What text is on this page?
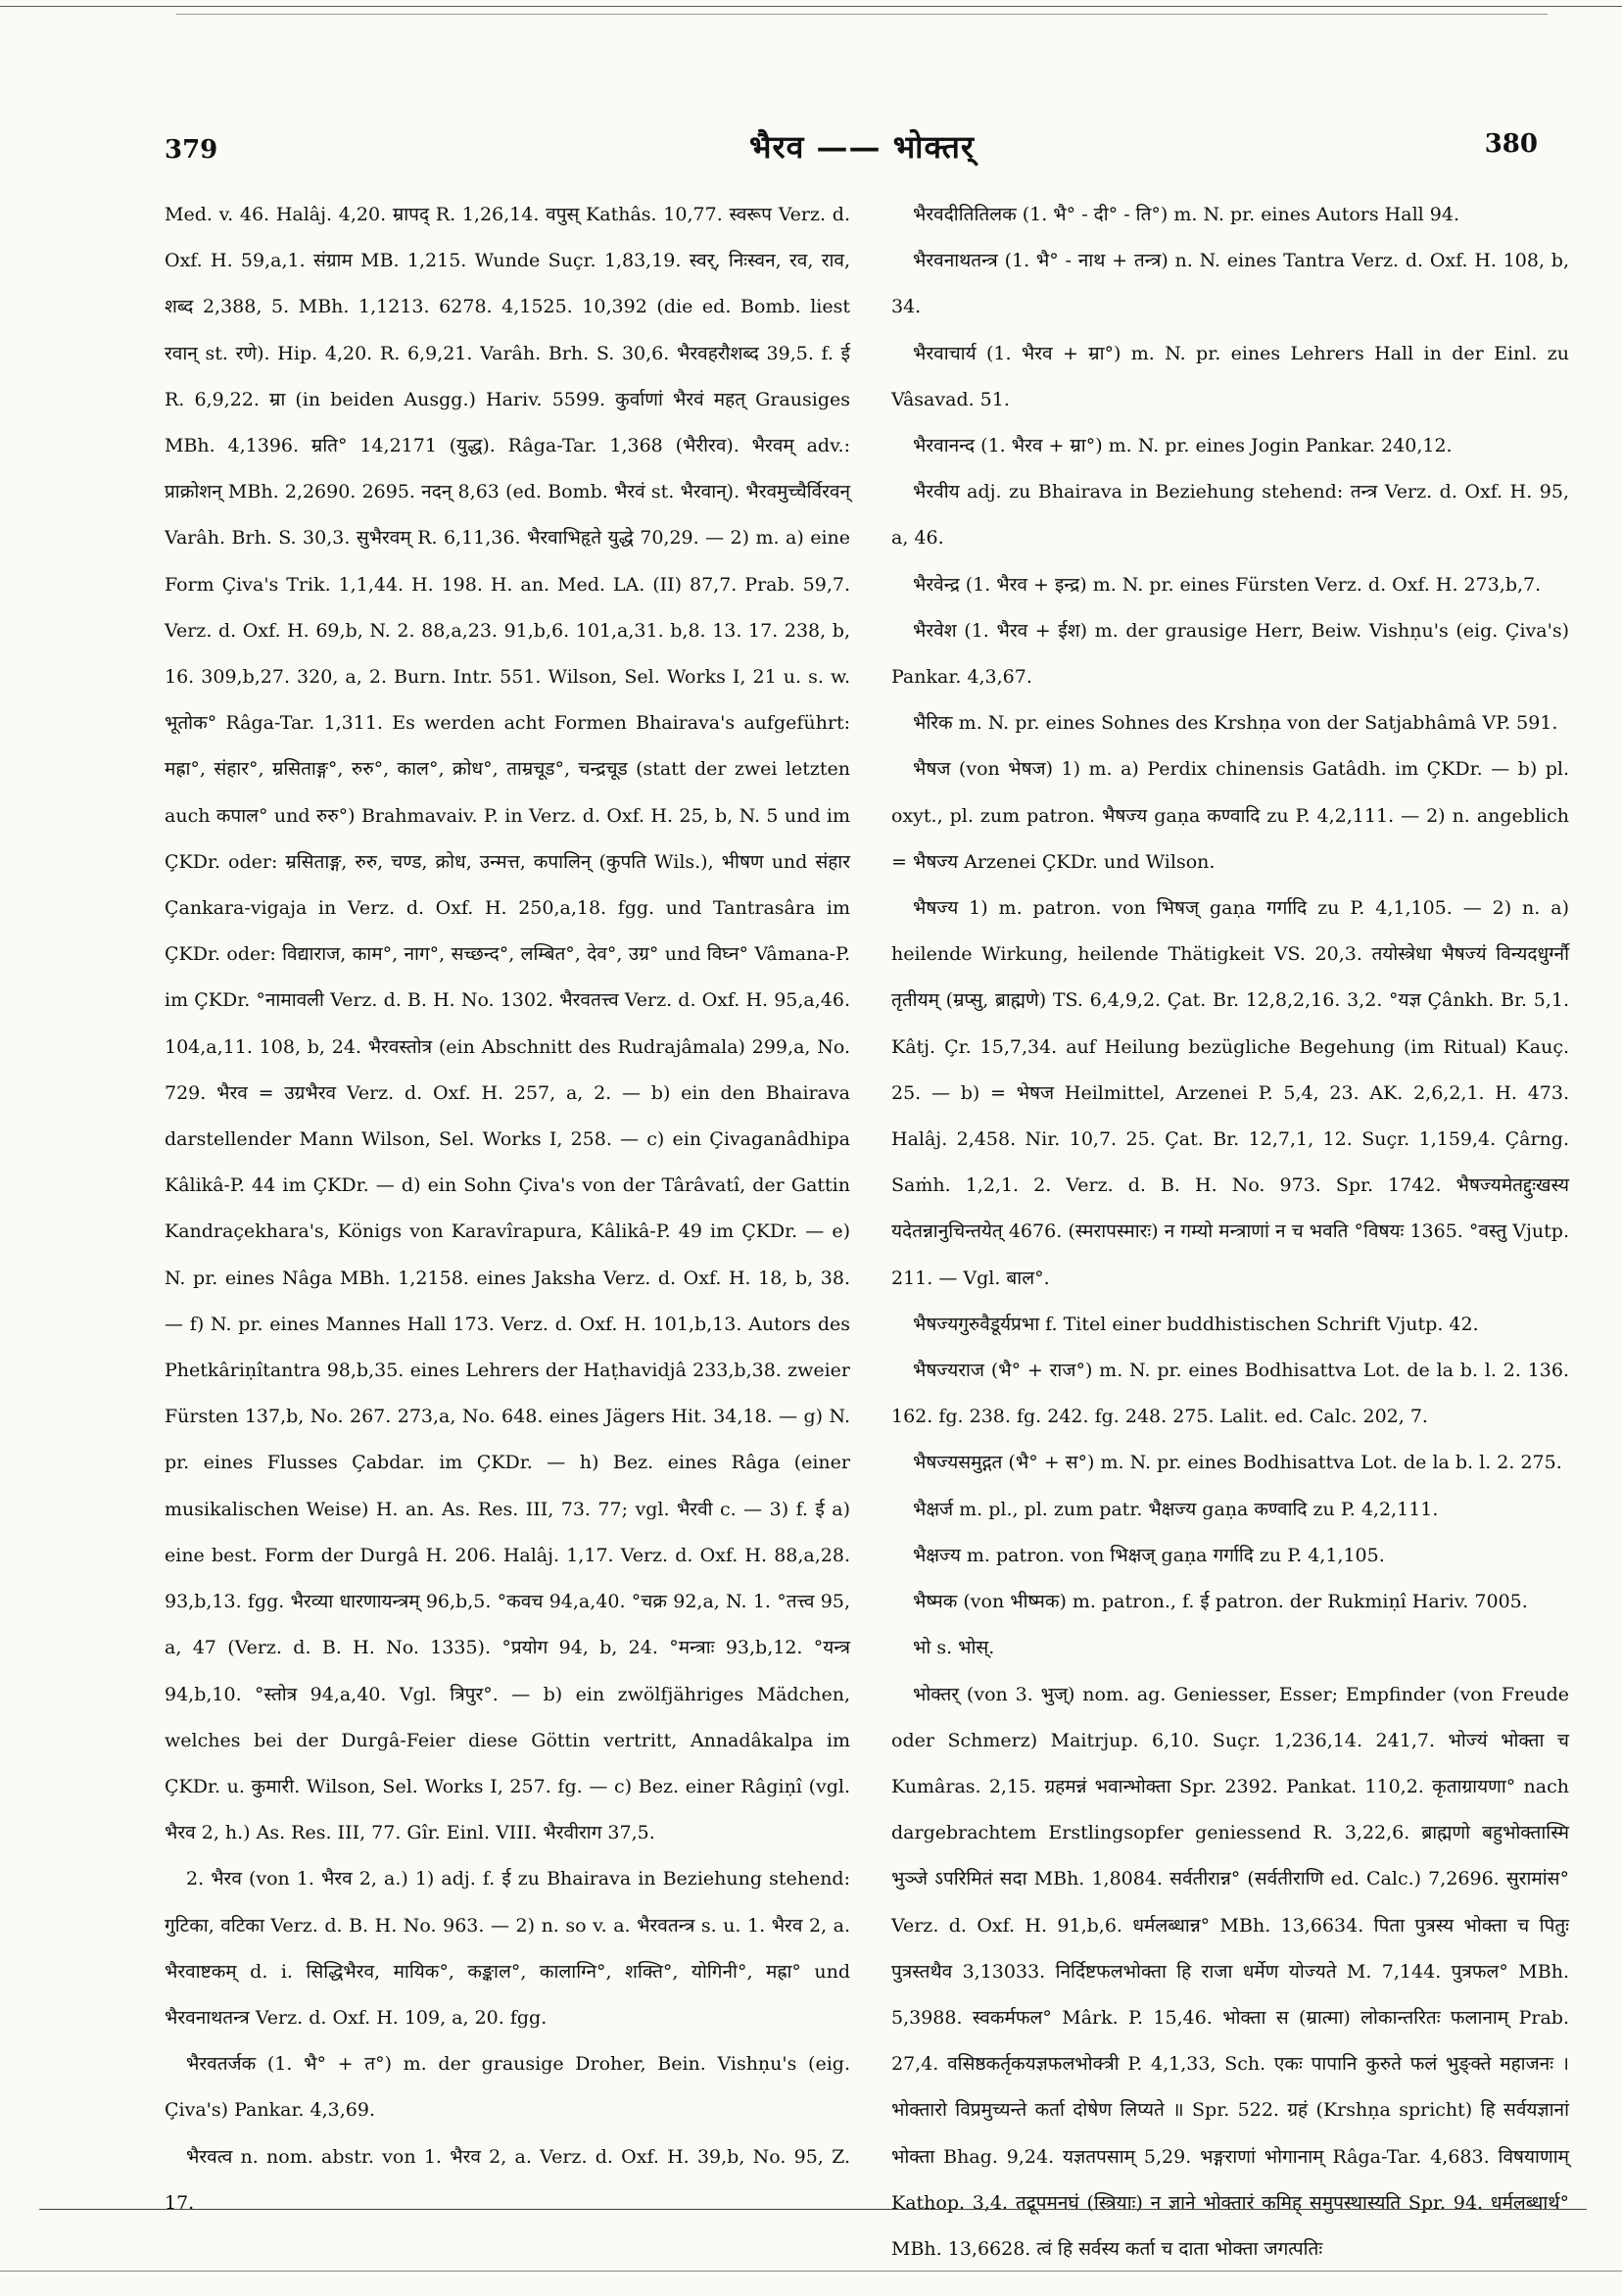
379	भैरव —— भोक्तर्	380

Med. v. 46. Halâj. 4,20. म्रापद् R. 1,26,14. वपुस् Kathâs. 10,77. स्वरूप Verz. d. Oxf. H. 59,a,1. संग्राम MB. 1,215. Wunde Suçr. 1,83,19. स्वर्, निःस्वन, रव, राव, शब्द 2,388, 5. MBh. 1,1213. 6278. 4,1525. 10,392 (die ed. Bomb. liest रवान् st. रणे). Hip. 4,20. R. 6,9,21. Varâh. Brh. S. 30,6. भैरवहरौशब्द 39,5. f. ई R. 6,9,22. म्रा (in beiden Ausgg.) Hariv. 5599. कुर्वाणां भैरवं महत् Grausiges MBh. 4,1396. म्रति° 14,2171 (युद्ध). Râga-Tar. 1,368 (भैरीरव). भैरवम् adv.: प्राक्रोशन् MBh. 2,2690. 2695. नदन् 8,63 (ed. Bomb. भैरवं st. भैरवान्). भैरवमुच्चैर्विरवन् Varâh. Brh. S. 30,3. सुभैरवम् R. 6,11,36. भैरवाभिहृते युद्धे 70,29. — 2) m. a) eine Form Çiva's Trik. 1,1,44. H. 198. H. an. Med. LA. (II) 87,7. Prab. 59,7. Verz. d. Oxf. H. 69,b, N. 2. 88,a,23. 91,b,6. 101,a,31. b,8. 13. 17. 238, b, 16. 309,b,27. 320, a, 2. Burn. Intr. 551. Wilson, Sel. Works I, 21 u. s. w. भूतोक° Râga-Tar. 1,311. Es werden acht Formen Bhairava's aufgeführt: मह्रा°, संहार°, म्रसिताङ्ग°, रुरु°, काल°, क्रोध°, ताम्रचूड°, चन्द्रचूड (statt der zwei letzten auch कपाल° und रुरु°) Brahmavaiv. P. in Verz. d. Oxf. H. 25, b, N. 5 und im ÇKDr. oder: म्रसिताङ्ग, रुरु, चण्ड, क्रोध, उन्मत्त, कपालिन् (कुपति Wils.), भीषण und संहार Çankara-vigaja in Verz. d. Oxf. H. 250,a,18. fgg. und Tantrasâra im ÇKDr. oder: विद्याराज, काम°, नाग°, सच्छन्द°, लम्बित°, देव°, उग्र° und विघ्न° Vâmana-P. im ÇKDr. °नामावली Verz. d. B. H. No. 1302. भैरवतत्त्व Verz. d. Oxf. H. 95,a,46. 104,a,11. 108, b, 24. भैरवस्तोत्र (ein Abschnitt des Rudrajâmala) 299,a, No. 729. भैरव = उग्रभैरव Verz. d. Oxf. H. 257, a, 2. — b) ein den Bhairava darstellender Mann Wilson, Sel. Works I, 258. — c) ein Çivaganâdhipa Kâlikâ-P. 44 im ÇKDr. — d) ein Sohn Çiva's von der Târâvatî, der Gattin Kandraçekhara's, Königs von Karavîrapura, Kâlikâ-P. 49 im ÇKDr. — e) N. pr. eines Nâga MBh. 1,2158. eines Jaksha Verz. d. Oxf. H. 18, b, 38. — f) N. pr. eines Mannes Hall 173. Verz. d. Oxf. H. 101,b,13. Autors des Phetkâriṇîtantra 98,b,35. eines Lehrers der Haṭhavidjâ 233,b,38. zweier Fürsten 137,b, No. 267. 273,a, No. 648. eines Jägers Hit. 34,18. — g) N. pr. eines Flusses Çabdar. im ÇKDr. — h) Bez. eines Râga (einer musikalischen Weise) H. an. As. Res. III, 73. 77; vgl. भैरवी c. — 3) f. ई a) eine best. Form der Durgâ H. 206. Halâj. 1,17. Verz. d. Oxf. H. 88,a,28. 93,b,13. fgg. भैरव्या धारणायन्त्रम् 96,b,5. °कवच 94,a,40. °चक्र 92,a, N. 1. °तत्त्व 95, a, 47 (Verz. d. B. H. No. 1335). °प्रयोग 94, b, 24. °मन्त्राः 93,b,12. °यन्त्र 94,b,10. °स्तोत्र 94,a,40. Vgl. त्रिपुर°. — b) ein zwölfjähriges Mädchen, welches bei der Durgâ-Feier diese Göttin vertritt, Annadâkalpa im ÇKDr. u. कुमारी. Wilson, Sel. Works I, 257. fg. — c) Bez. einer Râgiṇî (vgl. भैरव 2, h.) As. Res. III, 77. Gîr. Einl. VIII. भैरवीराग 37,5.

2. भैरव (von 1. भैरव 2, a.) 1) adj. f. ई zu Bhairava in Beziehung stehend: गुटिका, वटिका Verz. d. B. H. No. 963. — 2) n. so v. a. भैरवतन्त्र s. u. 1. भैरव 2, a. भैरवाष्टकम् d. i. सिद्धिभैरव, मायिक°, कङ्काल°, कालाग्नि°, शक्ति°, योगिनी°, मह्रा° und भैरवनाथतन्त्र Verz. d. Oxf. H. 109, a, 20. fgg.

भैरवतर्जक (1. भै° + त°) m. der grausige Droher, Bein. Vishṇu's (eig. Çiva's) Pankar. 4,3,69.

भैरवत्व n. nom. abstr. von 1. भैरव 2, a. Verz. d. Oxf. H. 39,b, No. 95, Z. 17.

भैरवदीतितिलक (1. भै° - दी° - ति°) m. N. pr. eines Autors Hall 94.

भैरवनाथतन्त्र (1. भै° - नाथ + तन्त्र) n. N. eines Tantra Verz. d. Oxf. H. 108, b, 34.

भैरवाचार्य (1. भैरव + म्रा°) m. N. pr. eines Lehrers Hall in der Einl. zu Vâsavad. 51.

भैरवानन्द (1. भैरव + म्रा°) m. N. pr. eines Jogin Pankar. 240,12.

भैरवीय adj. zu Bhairava in Beziehung stehend: तन्त्र Verz. d. Oxf. H. 95, a, 46.

भैरवेन्द्र (1. भैरव + इन्द्र) m. N. pr. eines Fürsten Verz. d. Oxf. H. 273,b,7.

भैरवेश (1. भैरव + ईश) m. der grausige Herr, Beiw. Vishṇu's (eig. Çiva's) Pankar. 4,3,67.

भैरिक m. N. pr. eines Sohnes des Krshṇa von der Satjabhâmâ VP. 591.

भैषज (von भेषज) 1) m. a) Perdix chinensis Gatâdh. im ÇKDr. — b) pl. oxyt., pl. zum patron. भैषज्य gaṇa कण्वादि zu P. 4,2,111. — 2) n. angeblich = भैषज्य Arzenei ÇKDr. und Wilson.

भैषज्य 1) m. patron. von भिषज् gaṇa गर्गादि zu P. 4,1,105. — 2) n. a) heilende Wirkung, heilende Thätigkeit VS. 20,3. तयोस्त्रेधा भैषज्यं विन्यदधुर्ग्नौ तृतीयम् (म्रप्सु, ब्राह्मणे) TS. 6,4,9,2. Çat. Br. 12,8,2,16. 3,2. °यज्ञ Çânkh. Br. 5,1. Kâtj. Çr. 15,7,34. auf Heilung bezügliche Begehung (im Ritual) Kauç. 25. — b) = भेषज Heilmittel, Arzenei P. 5,4, 23. AK. 2,6,2,1. H. 473. Halâj. 2,458. Nir. 10,7. 25. Çat. Br. 12,7,1, 12. Suçr. 1,159,4. Çârng. Saṁh. 1,2,1. 2. Verz. d. B. H. No. 973. Spr. 1742. भैषज्यमेतद्दुःखस्य यदेतन्नानुचिन्तयेत् 4676. (स्मरापस्मारः) न गम्यो मन्त्राणां न च भवति °विषयः 1365. °वस्तु Vjutp. 211. — Vgl. बाल°.

भैषज्यगुरुवैडूर्यप्रभा f. Titel einer buddhistischen Schrift Vjutp. 42.

भैषज्यराज (भै° + राज°) m. N. pr. eines Bodhisattva Lot. de la b. l. 2. 136. 162. fg. 238. fg. 242. fg. 248. 275. Lalit. ed. Calc. 202, 7.

भैषज्यसमुद्गत (भै° + स°) m. N. pr. eines Bodhisattva Lot. de la b. l. 2. 275.

भैक्षर्ज m. pl., pl. zum patr. भैक्षज्य gaṇa कण्वादि zu P. 4,2,111.

भैक्षज्य m. patron. von भिक्षज् gaṇa गर्गादि zu P. 4,1,105.

भैष्मक (von भीष्मक) m. patron., f. ई patron. der Rukmiṇî Hariv. 7005.

भो s. भोस्.

भोक्तर् (von 3. भुज्) nom. ag. Geniesser, Esser; Empfinder (von Freude oder Schmerz) Maitrjup. 6,10. Suçr. 1,236,14. 241,7. भोज्यं भोक्ता च Kumâras. 2,15. ग्रहमन्नं भवान्भोक्ता Spr. 2392. Pankat. 110,2. कृताग्रायणा° nach dargebrachtem Erstlingsopfer geniessend R. 3,22,6. ब्राह्मणो बहुभोक्तास्मि भुञ्जे ऽपरिमितं सदा MBh. 1,8084. सर्वतीरान्न° (सर्वतीराणि ed. Calc.) 7,2696. सुरामांस° Verz. d. Oxf. H. 91,b,6. धर्मलब्धान्न° MBh. 13,6634. पिता पुत्रस्य भोक्ता च पितुः पुत्रस्तथैव 3,13033. निर्दिष्टफलभोक्ता हि राजा धर्मेण योज्यते M. 7,144. पुत्रफल° MBh. 5,3988. स्वकर्मफल° Mârk. P. 15,46. भोक्ता स (म्रात्मा) लोकान्तरितः फलानाम् Prab. 27,4. वसिष्ठकर्तृकयज्ञफलभोक्त्री P. 4,1,33, Sch. एकः पापानि कुरुते फलं भुङ्क्ते महाजनः । भोक्तारो विप्रमुच्यन्ते कर्ता दोषेण लिप्यते ॥ Spr. 522. ग्रहं (Krshṇa spricht) हि सर्वयज्ञानां भोक्ता Bhag. 9,24. यज्ञतपसाम् 5,29. भङ्गराणां भोगानाम् Râga-Tar. 4,683. विषयाणाम् Kathop. 3,4. तद्रूपमनघं (स्त्रियाः) न ज्ञाने भोक्तारं कमिह् समुपस्थास्यति Spr. 94. धर्मलब्धार्थ° MBh. 13,6628. त्वं हि सर्वस्य कर्ता च दाता भोक्ता जगत्पतिः
